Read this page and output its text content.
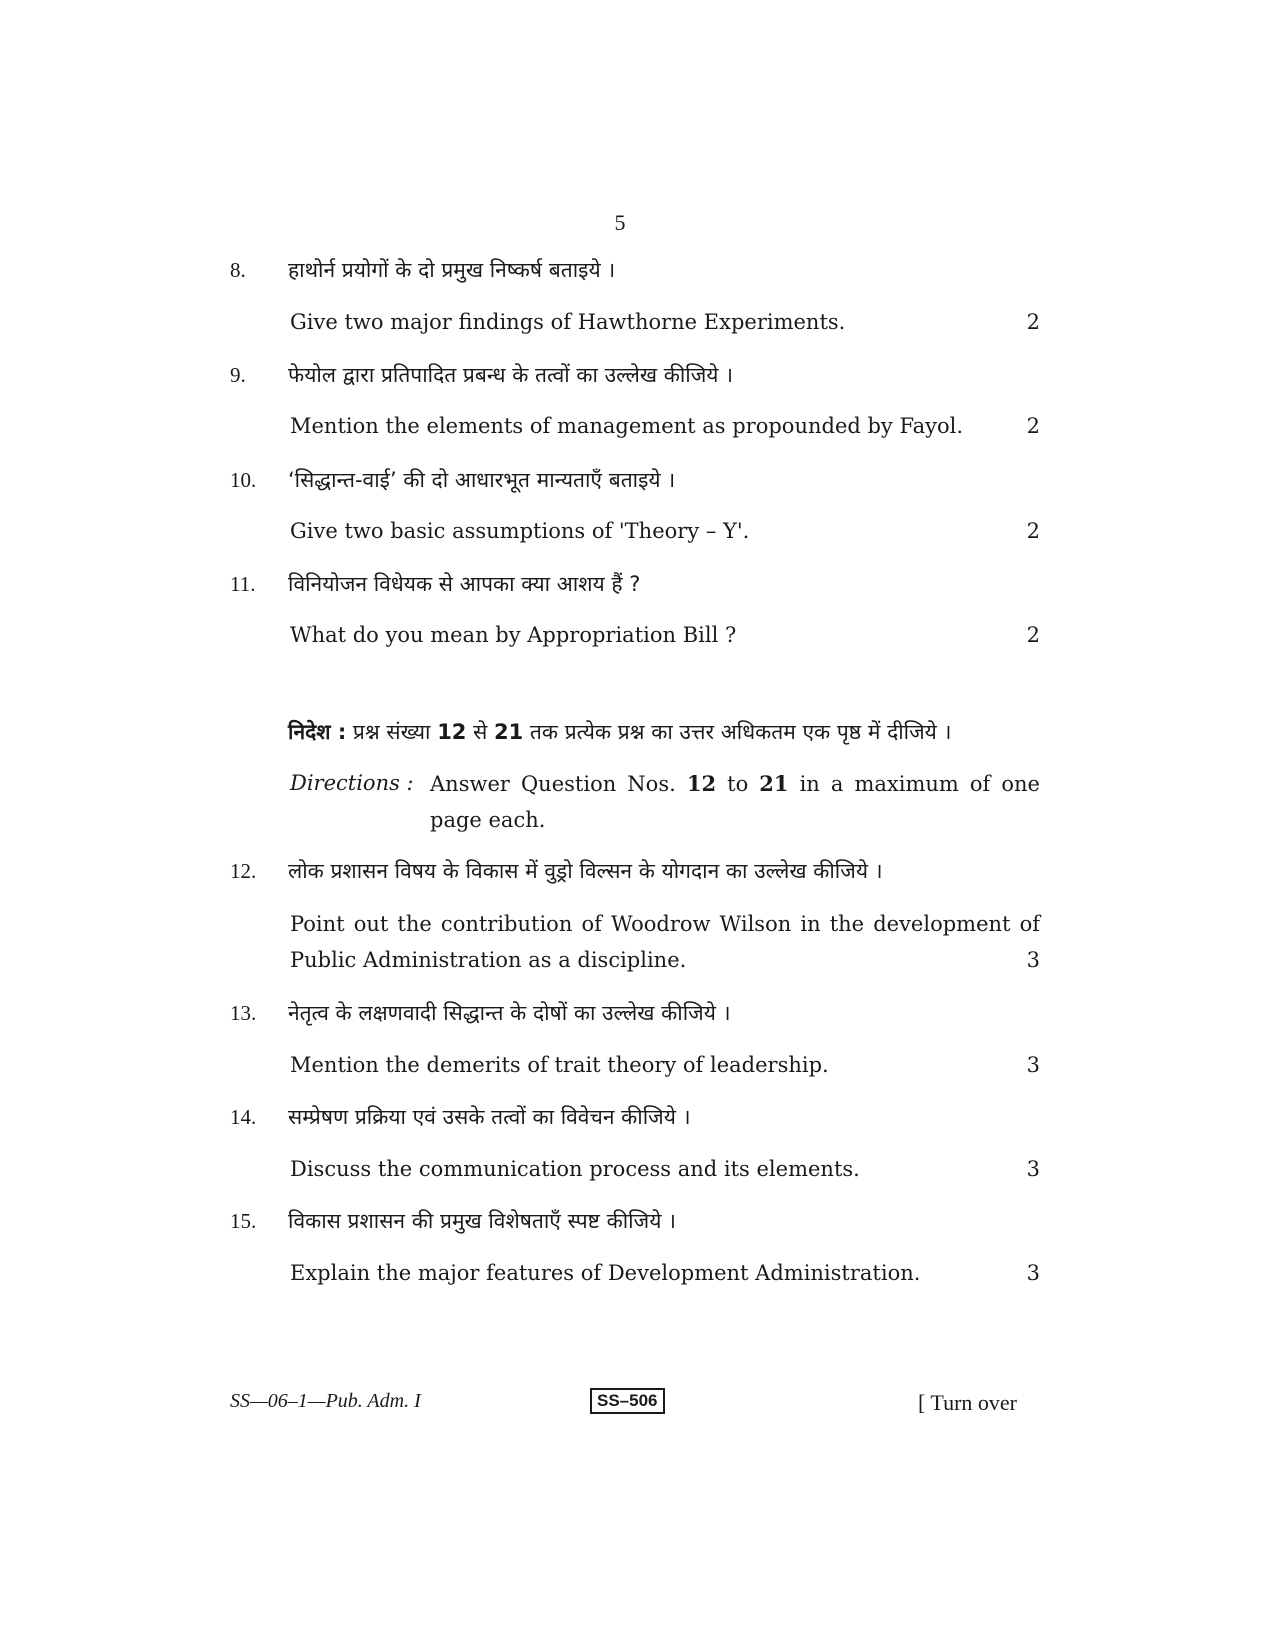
5
8.	हाथोर्न प्रयोगों के दो प्रमुख निष्कर्ष बताइये ।
Give two major findings of Hawthorne Experiments.	2
9.	फेयोल द्वारा प्रतिपादित प्रबन्ध के तत्वों का उल्लेख कीजिये ।
Mention the elements of management as propounded by Fayol.	2
10.	‘सिद्धान्त-वाई’ की दो आधारभूत मान्यताएँ बताइये ।
Give two basic assumptions of 'Theory – Y'.	2
11.	विनियोजन विधेयक से आपका क्या आशय हैं ?
What do you mean by Appropriation Bill ?	2
निदेश : प्रश्न संख्या 12 से 21 तक प्रत्येक प्रश्न का उत्तर अधिकतम एक पृष्ठ में दीजिये ।
Directions : Answer Question Nos. 12 to 21 in a maximum of one
page each.
12.	लोक प्रशासन विषय के विकास में वुड्रो विल्सन के योगदान का उल्लेख कीजिये ।
Point out the contribution of Woodrow Wilson in the development of
Public Administration as a discipline.	3
13.	नेतृत्व के लक्षणवादी सिद्धान्त के दोषों का उल्लेख कीजिये ।
Mention the demerits of trait theory of leadership.	3
14.	सम्प्रेषण प्रक्रिया एवं उसके तत्वों का विवेचन कीजिये ।
Discuss the communication process and its elements.	3
15.	विकास प्रशासन की प्रमुख विशेषताएँ स्पष्ट कीजिये ।
Explain the major features of Development Administration.	3
SS—06–1—Pub. Adm. I	SS–506	[ Turn over
